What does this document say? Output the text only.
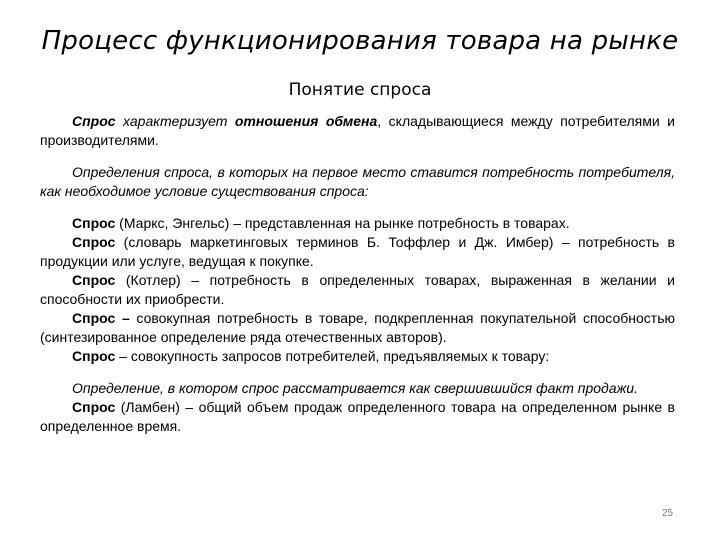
Процесс функционирования товара на рынке
Понятие спроса

Спрос характеризует отношения обмена, складывающиеся между потребителями и производителями.

Определения спроса, в которых на первое место ставится потребность потребителя, как необходимое условие существования спроса:

Спрос (Маркс, Энгельс) – представленная на рынке потребность в товарах.

Спрос (словарь маркетинговых терминов Б. Тоффлер и Дж. Имбер) – потребность в продукции или услуге, ведущая к покупке.

Спрос (Котлер) – потребность в определенных товарах, выраженная в желании и способности их приобрести.

Спрос – совокупная потребность в товаре, подкрепленная покупательной способностью (синтезированное определение ряда отечественных авторов).

Спрос – совокупность запросов потребителей, предъявляемых к товару:

Определение, в котором спрос рассматривается как свершившийся факт продажи.

Спрос (Ламбен) – общий объем продаж определенного товара на определенном рынке в определенное время.

25
